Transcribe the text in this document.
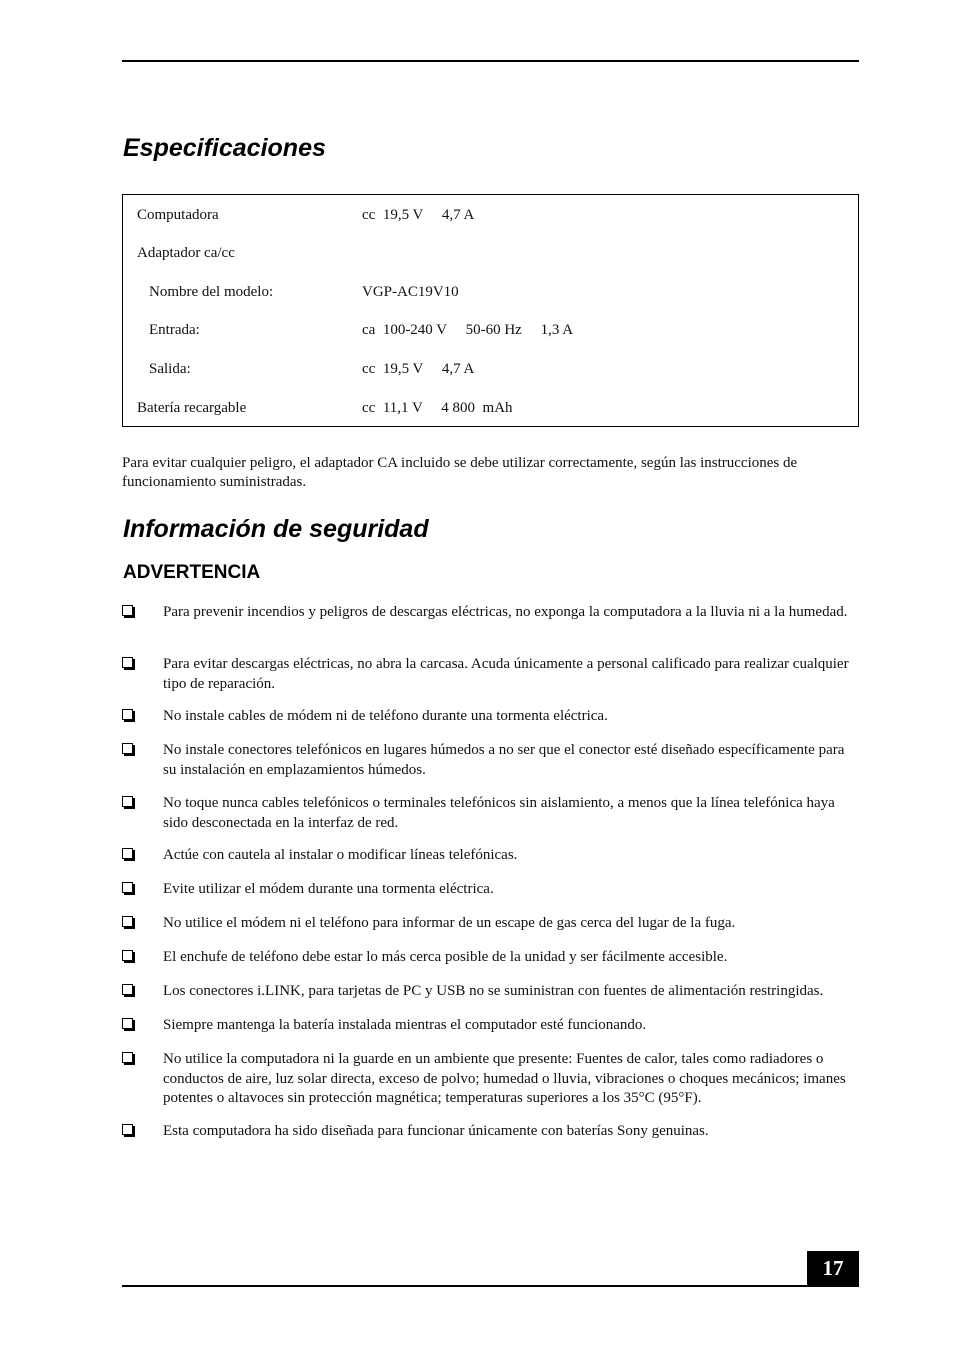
Especificaciones
Computadora	cc  19,5 V     4,7 A
Adaptador ca/cc
Nombre del modelo:	VGP-AC19V10
Entrada:	ca  100-240 V     50-60 Hz     1,3 A
Salida:	cc  19,5 V     4,7 A
Batería recargable	cc  11,1 V     4 800  mAh

Para evitar cualquier peligro, el adaptador CA incluido se debe utilizar correctamente, según las instrucciones de funcionamiento suministradas.

Información de seguridad
ADVERTENCIA
Para prevenir incendios y peligros de descargas eléctricas, no exponga la computadora a la lluvia ni a la humedad.
Para evitar descargas eléctricas, no abra la carcasa. Acuda únicamente a personal calificado para realizar cualquier tipo de reparación.
No instale cables de módem ni de teléfono durante una tormenta eléctrica.
No instale conectores telefónicos en lugares húmedos a no ser que el conector esté diseñado específicamente para su instalación en emplazamientos húmedos.
No toque nunca cables telefónicos o terminales telefónicos sin aislamiento, a menos que la línea telefónica haya sido desconectada en la interfaz de red.
Actúe con cautela al instalar o modificar líneas telefónicas.
Evite utilizar el módem durante una tormenta eléctrica.
No utilice el módem ni el teléfono para informar de un escape de gas cerca del lugar de la fuga.
El enchufe de teléfono debe estar lo más cerca posible de la unidad y ser fácilmente accesible.
Los conectores i.LINK, para tarjetas de PC y USB no se suministran con fuentes de alimentación restringidas.
Siempre mantenga la batería instalada mientras el computador esté funcionando.
No utilice la computadora ni la guarde en un ambiente que presente: Fuentes de calor, tales como radiadores o conductos de aire, luz solar directa, exceso de polvo; humedad o lluvia, vibraciones o choques mecánicos; imanes potentes o altavoces sin protección magnética; temperaturas superiores a los 35°C (95°F).
Esta computadora ha sido diseñada para funcionar únicamente con baterías Sony genuinas.
17
